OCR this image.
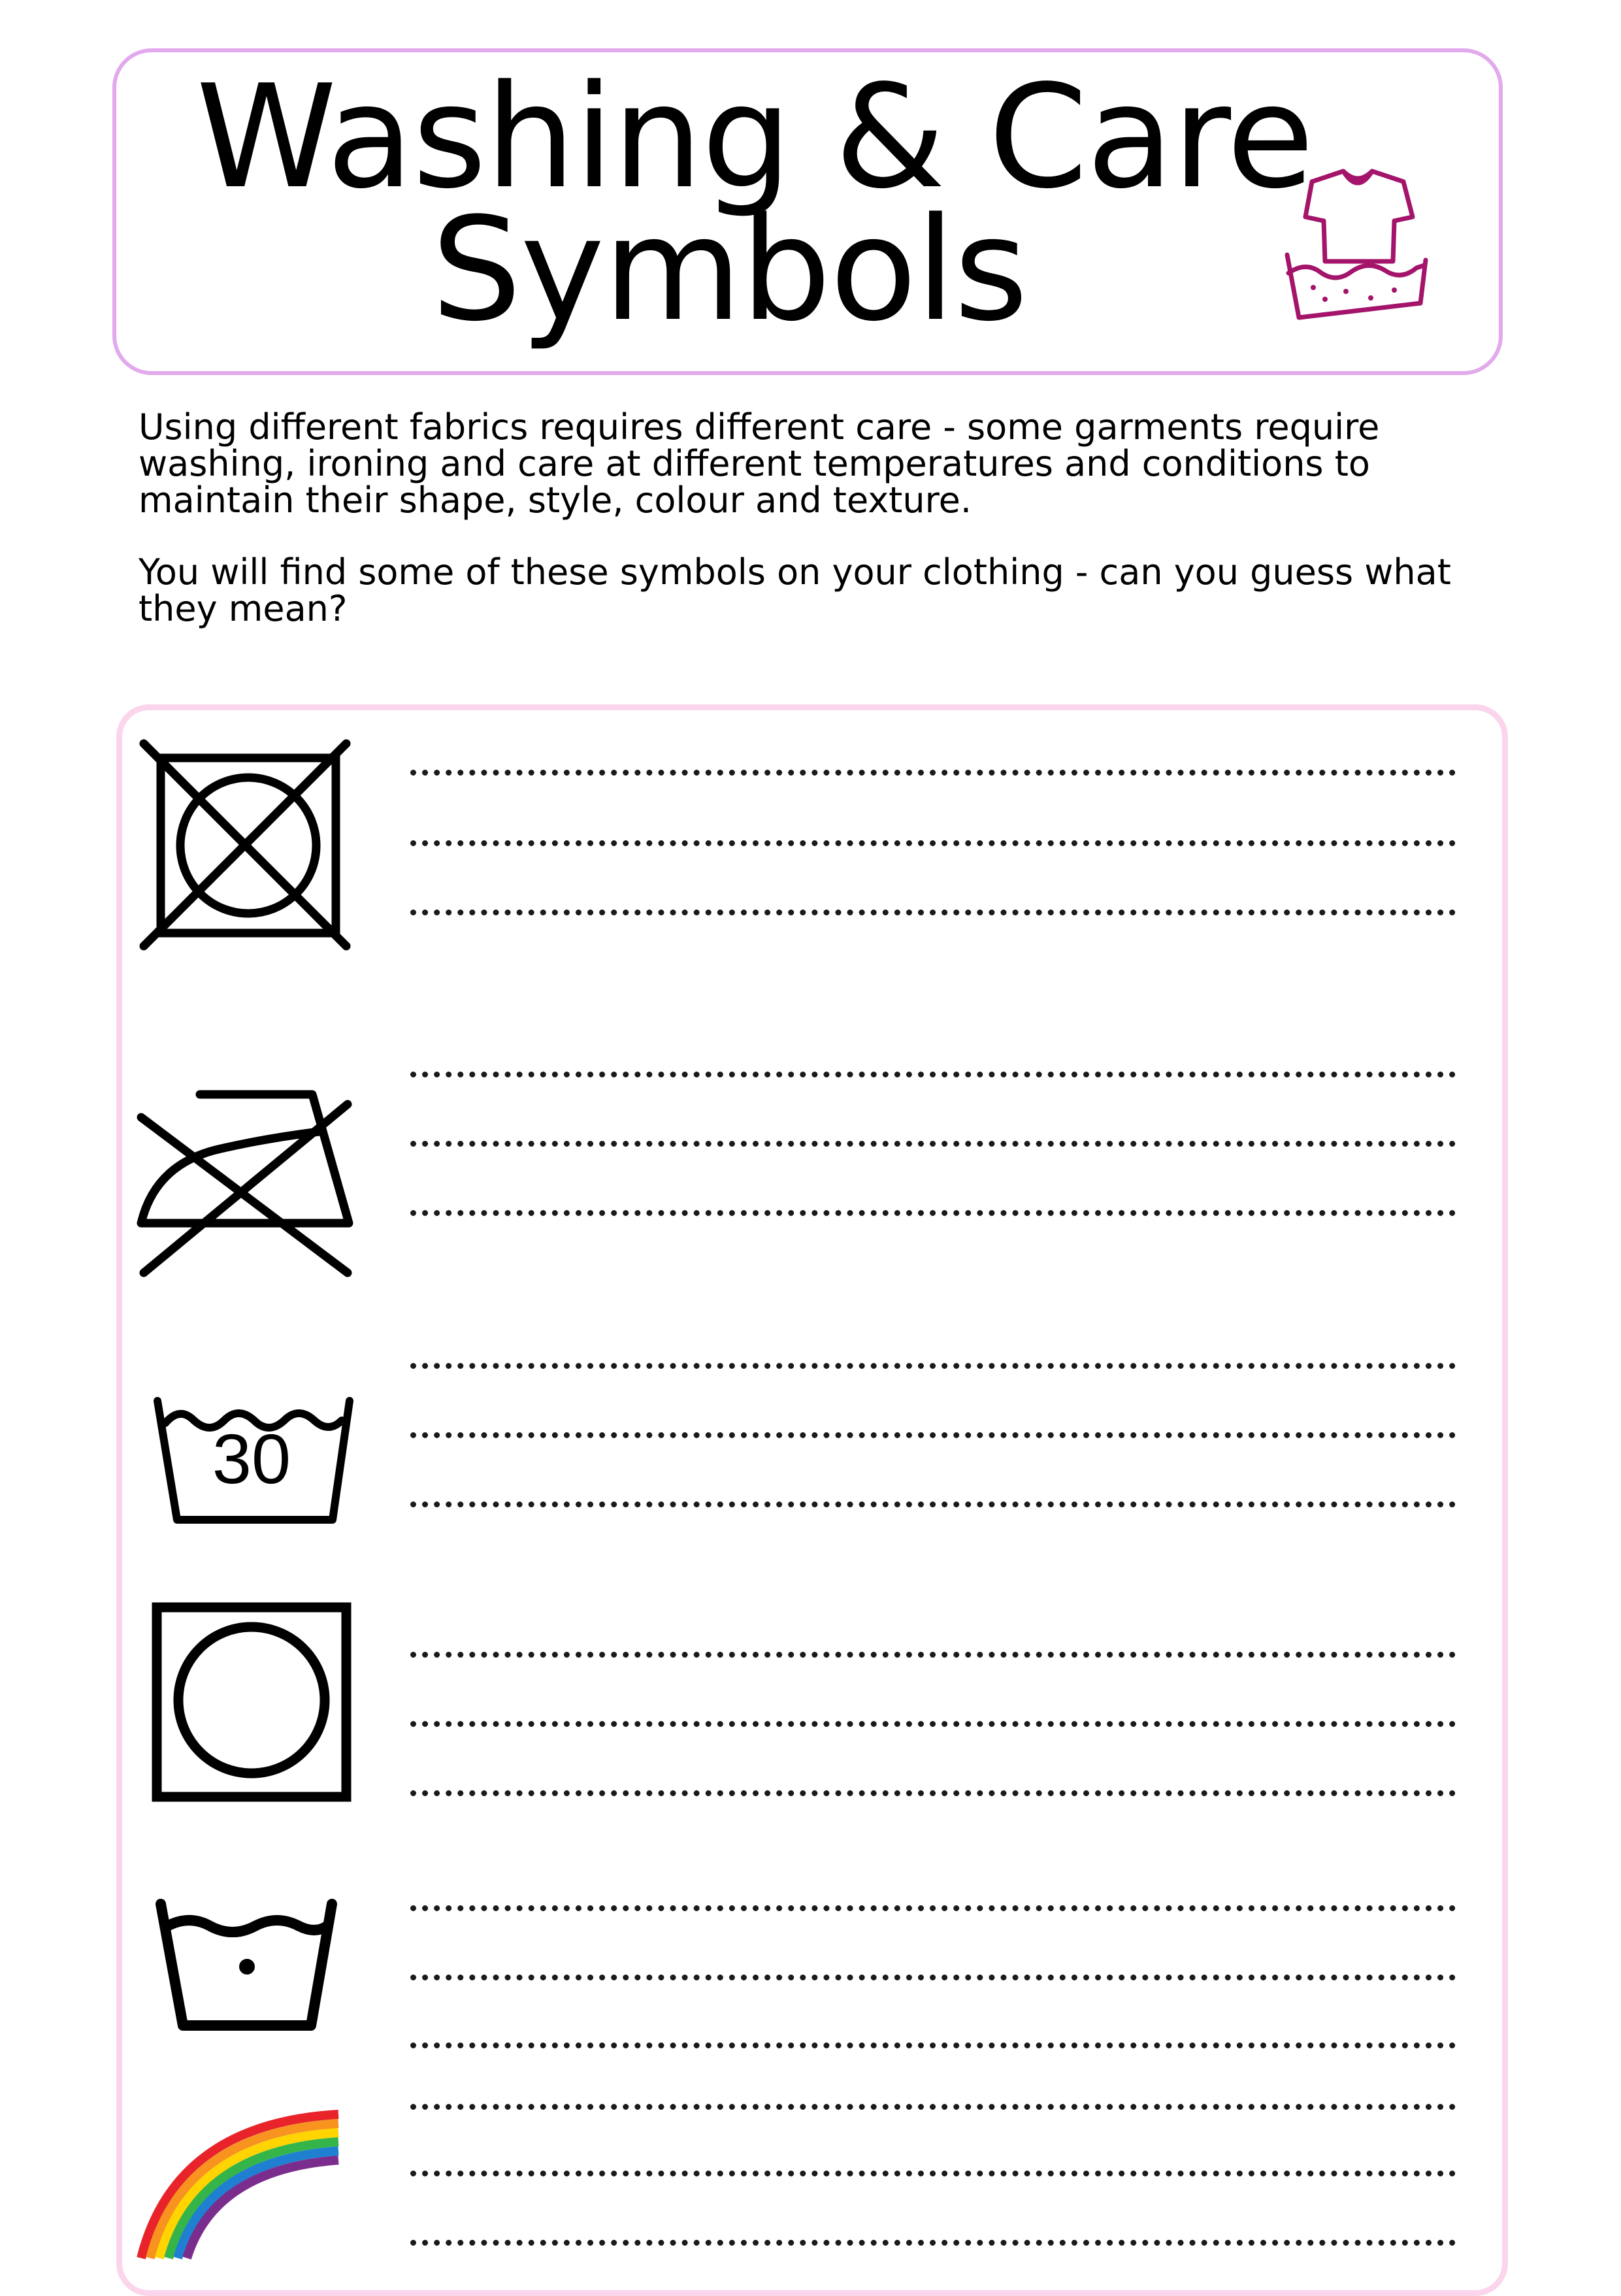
Washing & Care
Symbols

Using different fabrics requires different care - some garments require washing, ironing and care at different temperatures and conditions to maintain their shape, style, colour and texture.

You will find some of these symbols on your clothing - can you guess what they mean?

30
